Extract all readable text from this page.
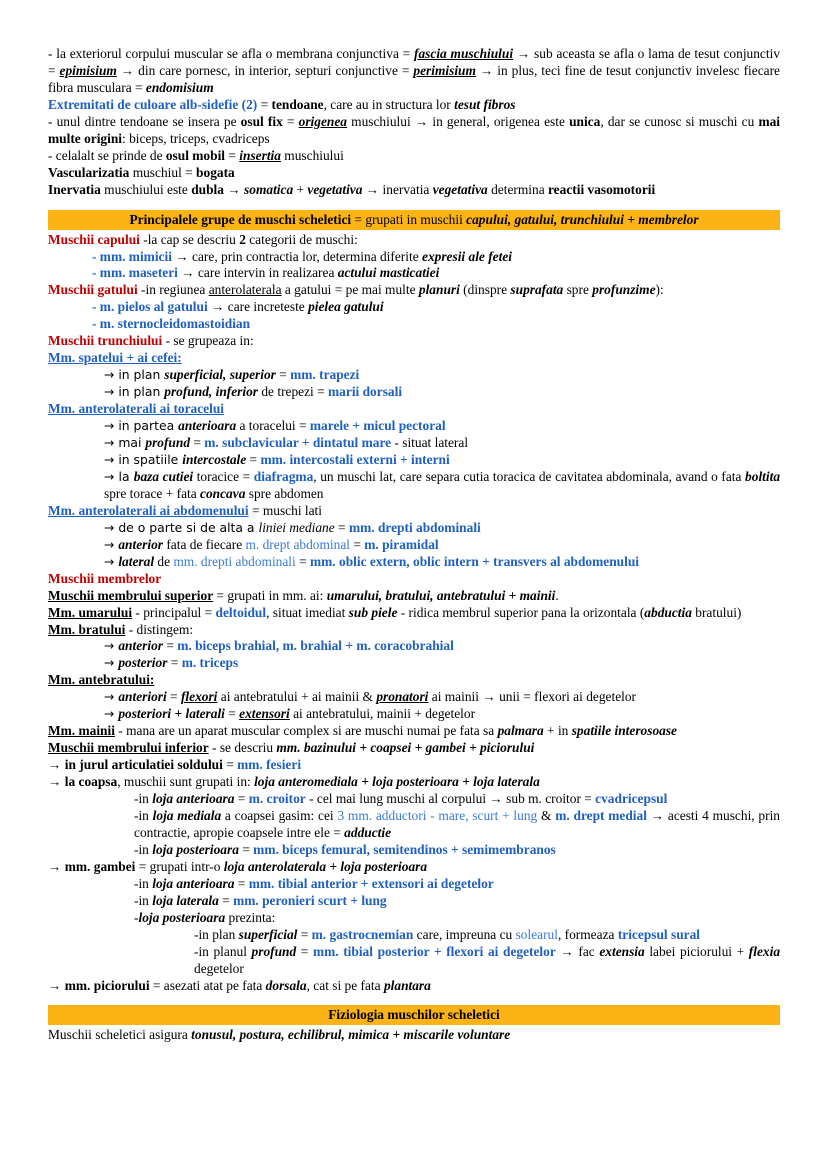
- la exteriorul corpului muscular se afla o membrana conjunctiva = fascia muschiului → sub aceasta se afla o lama de tesut conjunctiv = epimisium → din care pornesc, in interior, septuri conjunctive = perimisium → in plus, teci fine de tesut conjunctiv invelesc fiecare fibra musculara = endomisium

Extremitati de culoare alb-sidefie (2) = tendoane, care au in structura lor tesut fibros

- unul dintre tendoane se insera pe osul fix = origenea muschiului → in general, origenea este unica, dar se cunosc si muschi cu mai multe origini: biceps, triceps, cvadriceps

- celalalt se prinde de osul mobil = insertia muschiului

Vascularizatia muschiul = bogata

Inervatia muschiului este dubla → somatica + vegetativa → inervatia vegetativa determina reactii vasomotorii

Principalele grupe de muschi scheletici = grupati in muschii capului, gatului, trunchiului + membrelor

Muschii capului -la cap se descriu 2 categorii de muschi:

- mm. mimicii → care, prin contractia lor, determina diferite expresii ale fetei

- mm. maseteri → care intervin in realizarea actului masticatiei

Muschii gatului -in regiunea anterolaterala a gatului = pe mai multe planuri (dinspre suprafata spre profunzime):

- m. pielos al gatului → care increteste pielea gatului

- m. sternocleidomastoidian

Muschii trunchiului - se grupeaza in:

Mm. spatelui + ai cefei:

→ in plan superficial, superior = mm. trapezi

→ in plan profund, inferior de trepezi = marii dorsali

Mm. anterolaterali ai toracelui

→ in partea anterioara a toracelui = marele + micul pectoral

→ mai profund = m. subclavicular + dintatul mare - situat lateral

→ in spatiile intercostale = mm. intercostali externi + interni

→ la baza cutiei toracice = diafragma, un muschi lat, care separa cutia toracica de cavitatea abdominala, avand o fata boltita spre torace + fata concava spre abdomen

Mm. anterolaterali ai abdomenului = muschi lati

→ de o parte si de alta a liniei mediane = mm. drepti abdominali

→ anterior fata de fiecare m. drept abdominal = m. piramidal

→ lateral de mm. drepti abdominali = mm. oblic extern, oblic intern + transvers al abdomenului

Muschii membrelor

Muschii membrului superior = grupati in mm. ai: umarului, bratului, antebratului + mainii.

Mm. umarului - principalul = deltoidul, situat imediat sub piele - ridica membrul superior pana la orizontala (abductia bratului)

Mm. bratului - distingem:

→ anterior = m. biceps brahial, m. brahial + m. coracobrahial

→ posterior = m. triceps

Mm. antebratului:

→ anteriori = flexori ai antebratului + ai mainii & pronatori ai mainii → unii = flexori ai degetelor

→ posteriori + laterali = extensori ai antebratului, mainii + degetelor

Mm. mainii - mana are un aparat muscular complex si are muschi numai pe fata sa palmara + in spatiile interosoase

Muschii membrului inferior - se descriu mm. bazinului + coapsei + gambei + piciorului

→ in jurul articulatiei soldului = mm. fesieri

→ la coapsa, muschii sunt grupati in: loja anteromediala + loja posterioara + loja laterala

-in loja anterioara = m. croitor - cel mai lung muschi al corpului → sub m. croitor = cvadricepsul

-in loja mediala a coapsei gasim: cei 3 mm. adductori - mare, scurt + lung & m. drept medial → acesti 4 muschi, prin contractie, apropie coapsele intre ele = adductie

-in loja posterioara = mm. biceps femural, semitendinos + semimembranos

→ mm. gambei = grupati intr-o loja anterolaterala + loja posterioara

-in loja anterioara = mm. tibial anterior + extensori ai degetelor

-in loja laterala = mm. peronieri scurt + lung

-loja posterioara prezinta:

-in plan superficial = m. gastrocnemian care, impreuna cu solearul, formeaza tricepsul sural

-in planul profund = mm. tibial posterior + flexori ai degetelor → fac extensia labei piciorului + flexia degetelor

→ mm. piciorului = asezati atat pe fata dorsala, cat si pe fata plantara

Fiziologia muschilor scheletici

Muschii scheletici asigura tonusul, postura, echilibrul, mimica + miscarile voluntare
